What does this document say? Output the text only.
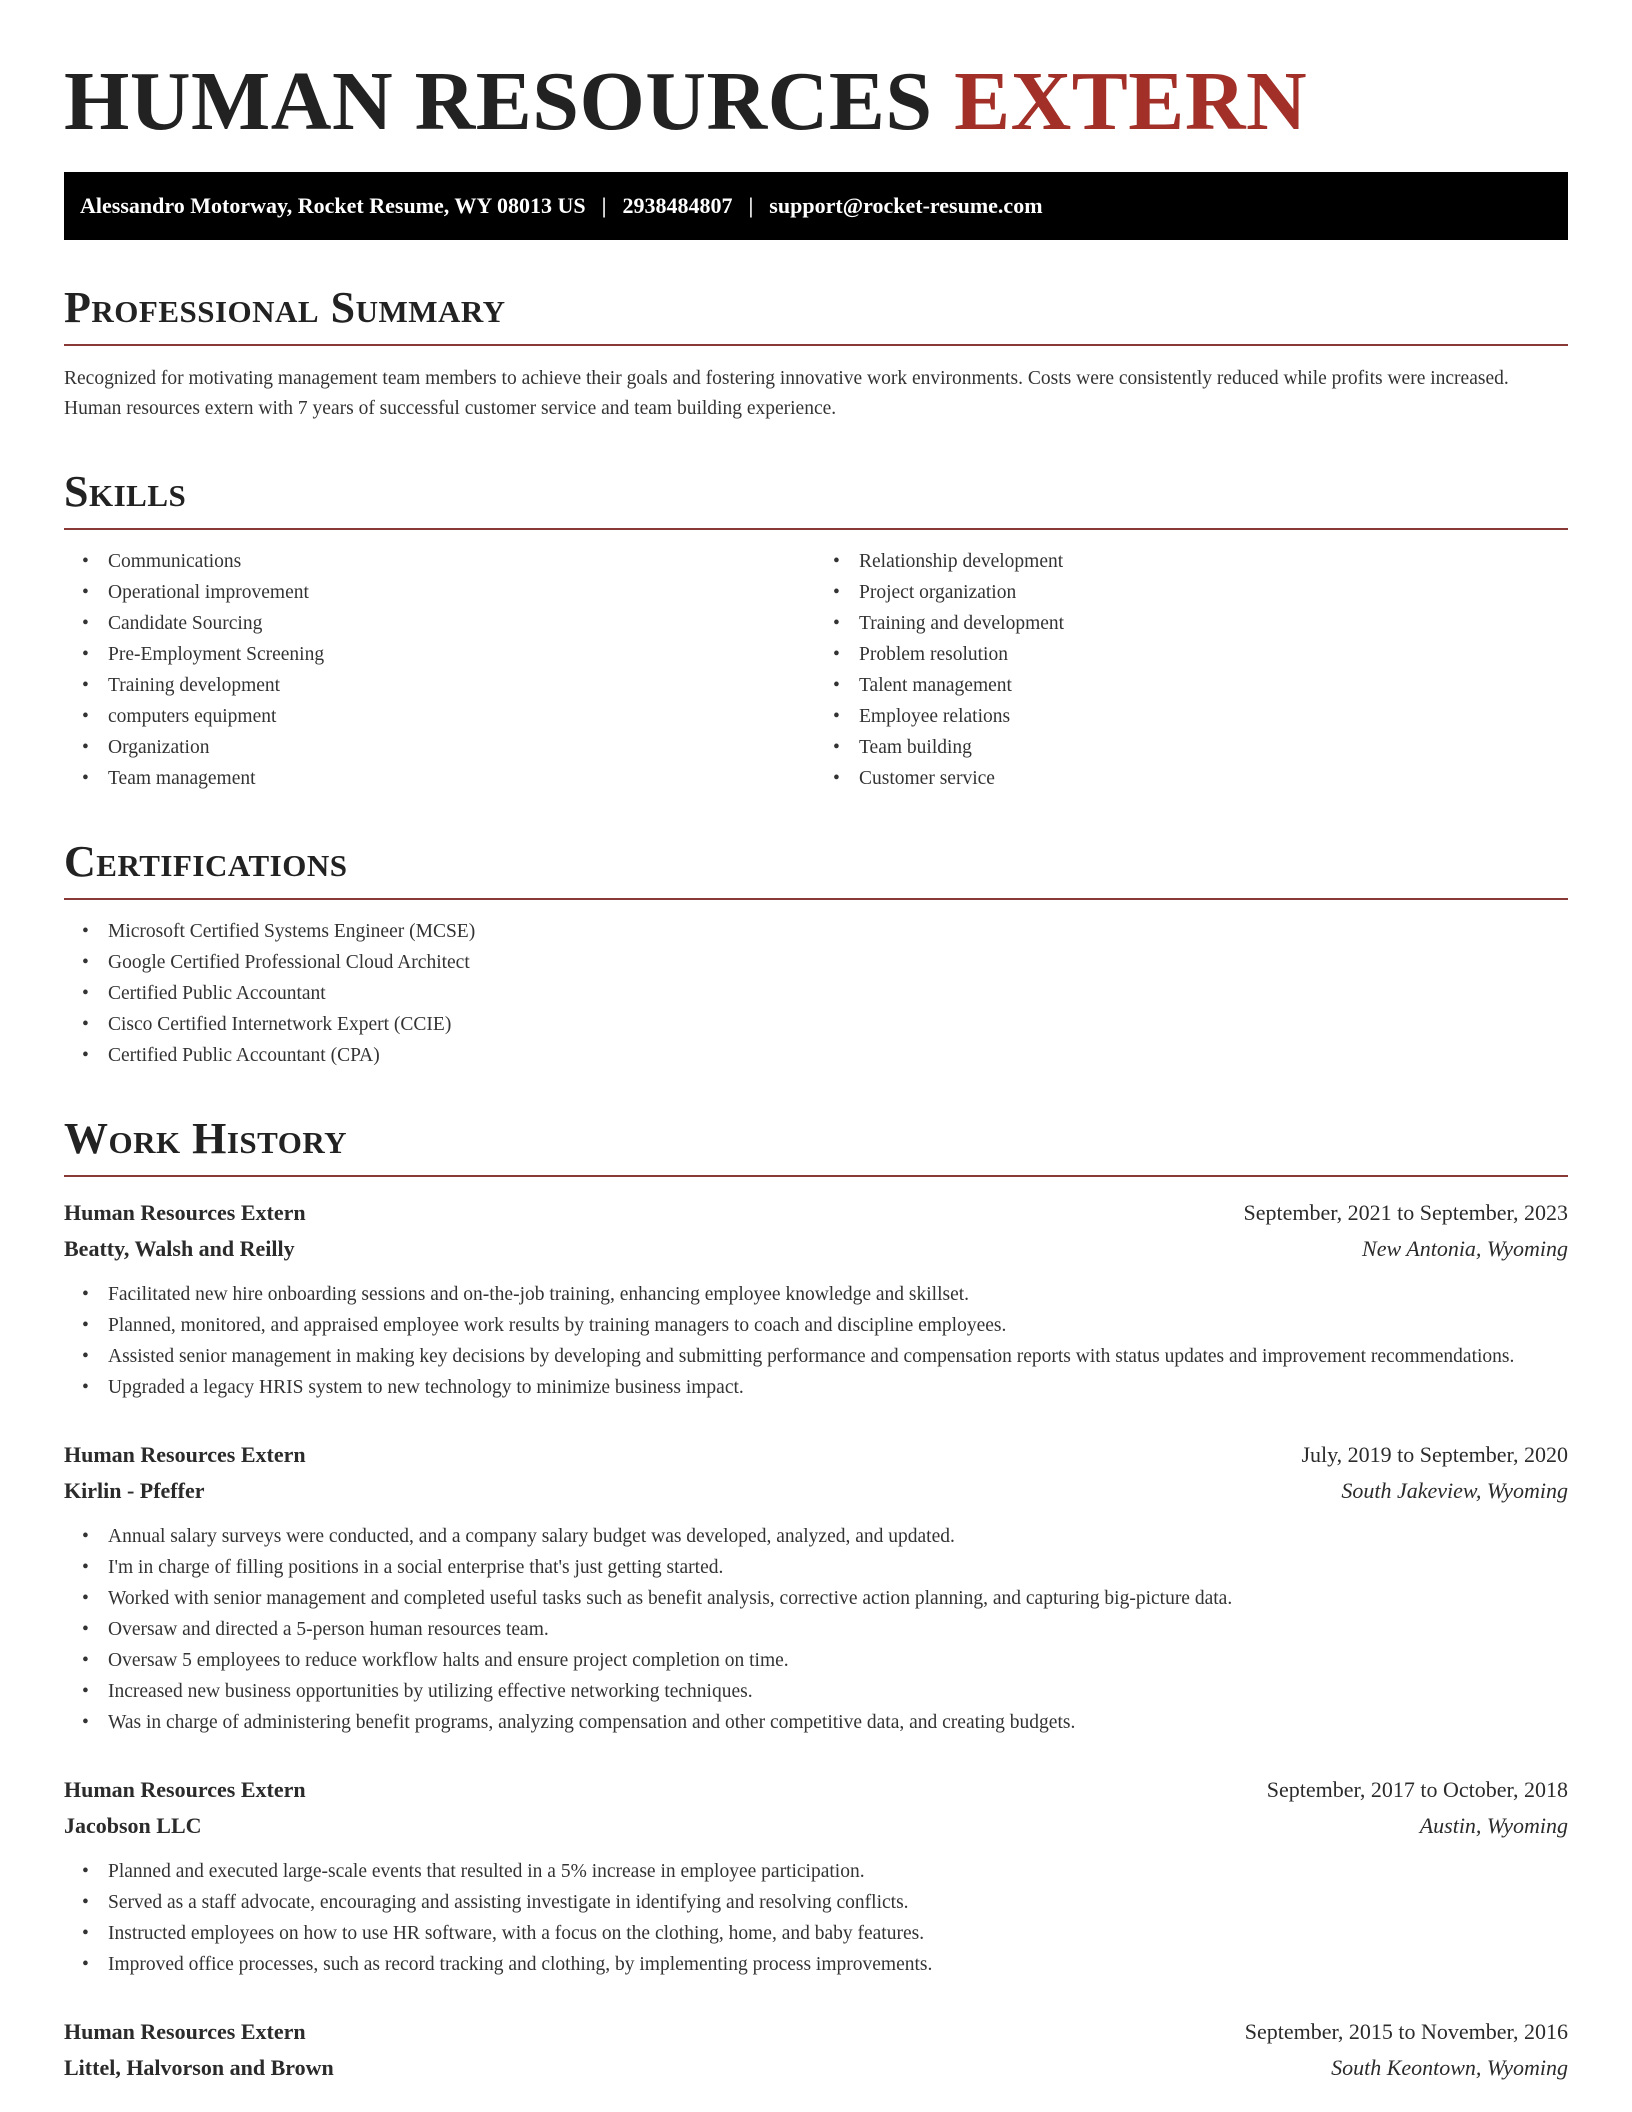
HUMAN RESOURCES EXTERN
Alessandro Motorway, Rocket Resume, WY 08013 US | 2938484807 | support@rocket-resume.com
Professional Summary

Recognized for motivating management team members to achieve their goals and fostering innovative work environments. Costs were consistently reduced while profits were increased. Human resources extern with 7 years of successful customer service and team building experience.

Skills
• Communications
• Operational improvement
• Candidate Sourcing
• Pre-Employment Screening
• Training development
• computers equipment
• Organization
• Team management
• Relationship development
• Project organization
• Training and development
• Problem resolution
• Talent management
• Employee relations
• Team building
• Customer service
Certifications
• Microsoft Certified Systems Engineer (MCSE)
• Google Certified Professional Cloud Architect
• Certified Public Accountant
• Cisco Certified Internetwork Expert (CCIE)
• Certified Public Accountant (CPA)
Work History
Human Resources Extern	September, 2021 to September, 2023
Beatty, Walsh and Reilly	New Antonia, Wyoming
• Facilitated new hire onboarding sessions and on-the-job training, enhancing employee knowledge and skillset.
• Planned, monitored, and appraised employee work results by training managers to coach and discipline employees.
• Assisted senior management in making key decisions by developing and submitting performance and compensation reports with status updates and improvement recommendations.
• Upgraded a legacy HRIS system to new technology to minimize business impact.
Human Resources Extern	July, 2019 to September, 2020
Kirlin - Pfeffer	South Jakeview, Wyoming
• Annual salary surveys were conducted, and a company salary budget was developed, analyzed, and updated.
• I'm in charge of filling positions in a social enterprise that's just getting started.
• Worked with senior management and completed useful tasks such as benefit analysis, corrective action planning, and capturing big-picture data.
• Oversaw and directed a 5-person human resources team.
• Oversaw 5 employees to reduce workflow halts and ensure project completion on time.
• Increased new business opportunities by utilizing effective networking techniques.
• Was in charge of administering benefit programs, analyzing compensation and other competitive data, and creating budgets.
Human Resources Extern	September, 2017 to October, 2018
Jacobson LLC	Austin, Wyoming
• Planned and executed large-scale events that resulted in a 5% increase in employee participation.
• Served as a staff advocate, encouraging and assisting investigate in identifying and resolving conflicts.
• Instructed employees on how to use HR software, with a focus on the clothing, home, and baby features.
• Improved office processes, such as record tracking and clothing, by implementing process improvements.
Human Resources Extern	September, 2015 to November, 2016
Littel, Halvorson and Brown	South Keontown, Wyoming
